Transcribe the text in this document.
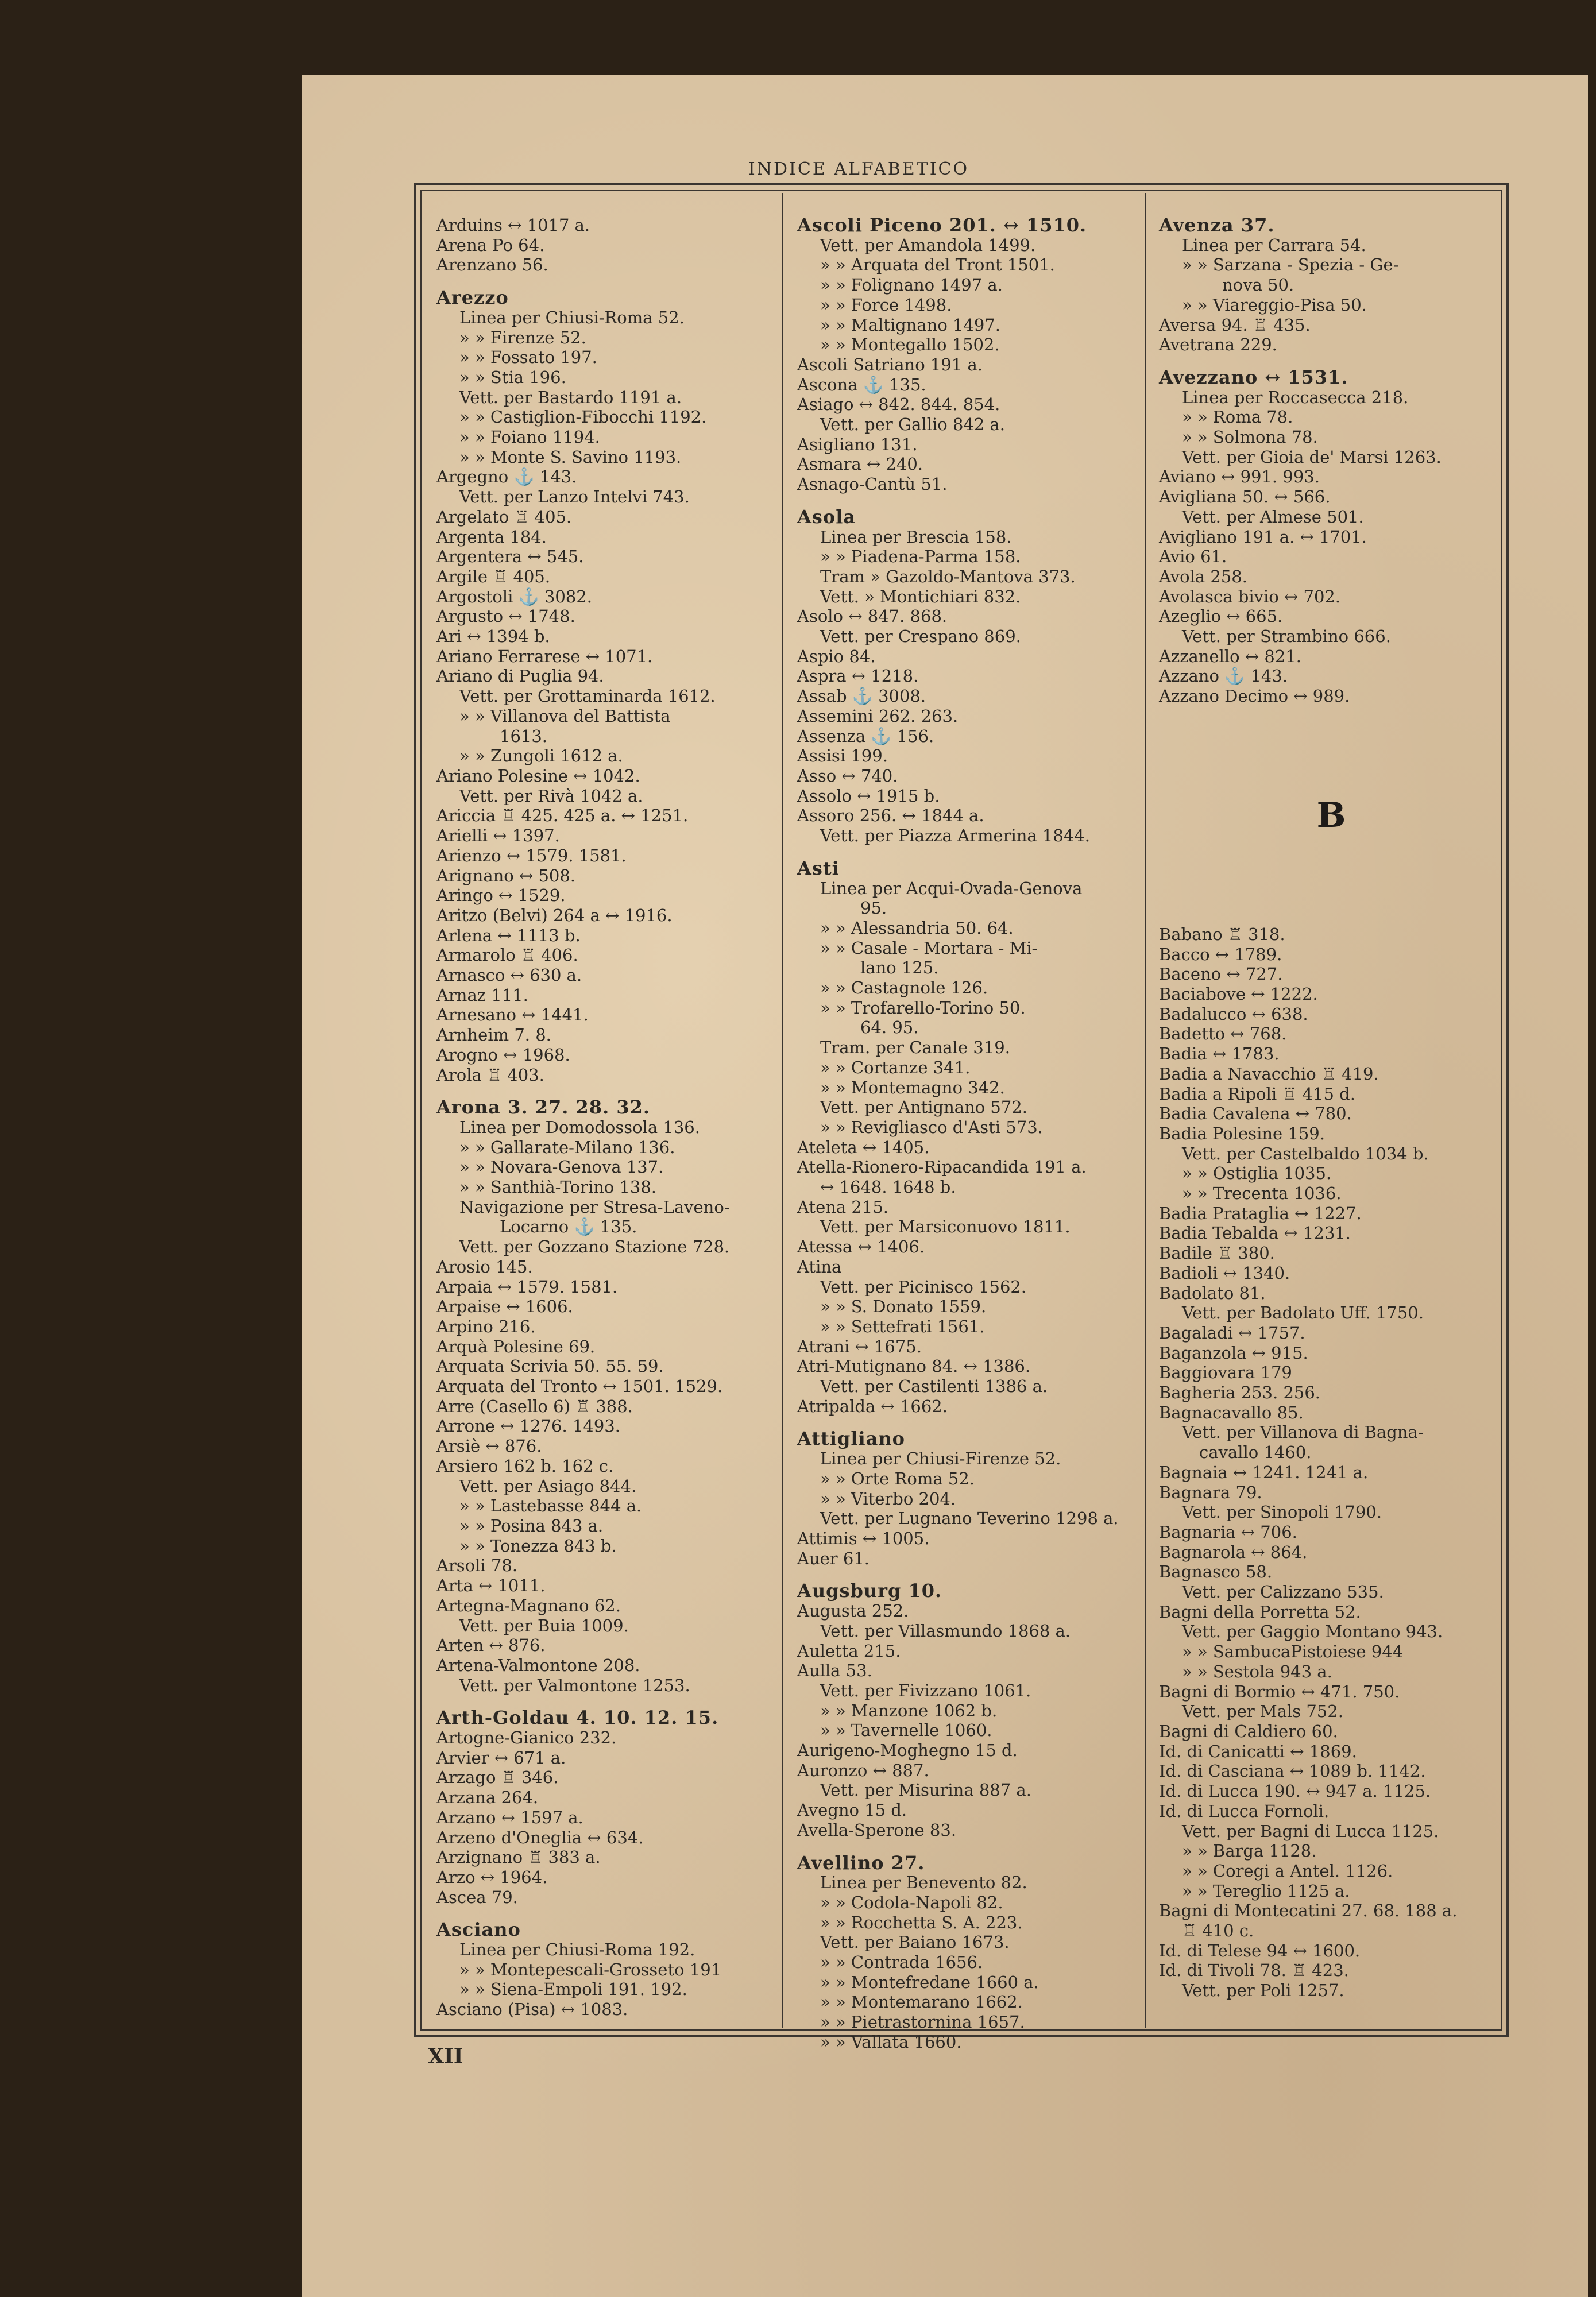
INDICE ALFABETICO
Arduins ↔ 1017 a.
Arena Po 64.
Arenzano 56.
Arezzo
Linea per Chiusi-Roma 52.
» » Firenze 52.
» » Fossato 197.
» » Stia 196.
Vett. per Bastardo 1191 a.
» » Castiglion-Fibocchi 1192.
» » Foiano 1194.
» » Monte S. Savino 1193.
Argegno ⚓ 143.
Vett. per Lanzo Intelvi 743.
Argelato ♖ 405.
Argenta 184.
Argentera ↔ 545.
Argile ♖ 405.
Argostoli ⚓ 3082.
Argusto ↔ 1748.
Ari ↔ 1394 b.
Ariano Ferrarese ↔ 1071.
Ariano di Puglia 94.
Vett. per Grottaminarda 1612.
» » Villanova del Battista
1613.
» » Zungoli 1612 a.
Ariano Polesine ↔ 1042.
Vett. per Rivà 1042 a.
Ariccia ♖ 425. 425 a. ↔ 1251.
Arielli ↔ 1397.
Arienzo ↔ 1579. 1581.
Arignano ↔ 508.
Aringo ↔ 1529.
Aritzo (Belvi) 264 a ↔ 1916.
Arlena ↔ 1113 b.
Armarolo ♖ 406.
Arnasco ↔ 630 a.
Arnaz 111.
Arnesano ↔ 1441.
Arnheim 7. 8.
Arogno ↔ 1968.
Arola ♖ 403.
Arona 3. 27. 28. 32.
Linea per Domodossola 136.
» » Gallarate-Milano 136.
» » Novara-Genova 137.
» » Santhià-Torino 138.
Navigazione per Stresa-Laveno-
Locarno ⚓ 135.
Vett. per Gozzano Stazione 728.
Arosio 145.
Arpaia ↔ 1579. 1581.
Arpaise ↔ 1606.
Arpino 216.
Arquà Polesine 69.
Arquata Scrivia 50. 55. 59.
Arquata del Tronto ↔ 1501. 1529.
Arre (Casello 6) ♖ 388.
Arrone ↔ 1276. 1493.
Arsiè ↔ 876.
Arsiero 162 b. 162 c.
Vett. per Asiago 844.
» » Lastebasse 844 a.
» » Posina 843 a.
» » Tonezza 843 b.
Arsoli 78.
Arta ↔ 1011.
Artegna-Magnano 62.
Vett. per Buia 1009.
Arten ↔ 876.
Artena-Valmontone 208.
Vett. per Valmontone 1253.
Arth-Goldau 4. 10. 12. 15.
Artogne-Gianico 232.
Arvier ↔ 671 a.
Arzago ♖ 346.
Arzana 264.
Arzano ↔ 1597 a.
Arzeno d'Oneglia ↔ 634.
Arzignano ♖ 383 a.
Arzo ↔ 1964.
Ascea 79.
Asciano
Linea per Chiusi-Roma 192.
» » Montepescali-Grosseto 191
» » Siena-Empoli 191. 192.
Asciano (Pisa) ↔ 1083.
Ascoli Piceno 201. ↔ 1510.
Vett. per Amandola 1499.
» » Arquata del Tront 1501.
» » Folignano 1497 a.
» » Force 1498.
» » Maltignano 1497.
» » Montegallo 1502.
Ascoli Satriano 191 a.
Ascona ⚓ 135.
Asiago ↔ 842. 844. 854.
Vett. per Gallio 842 a.
Asigliano 131.
Asmara ↔ 240.
Asnago-Cantù 51.
Asola
Linea per Brescia 158.
» » Piadena-Parma 158.
Tram » Gazoldo-Mantova 373.
Vett. » Montichiari 832.
Asolo ↔ 847. 868.
Vett. per Crespano 869.
Aspio 84.
Aspra ↔ 1218.
Assab ⚓ 3008.
Assemini 262. 263.
Assenza ⚓ 156.
Assisi 199.
Asso ↔ 740.
Assolo ↔ 1915 b.
Assoro 256. ↔ 1844 a.
Vett. per Piazza Armerina 1844.
Asti
Linea per Acqui-Ovada-Genova
95.
» » Alessandria 50. 64.
» » Casale - Mortara - Mi-
lano 125.
» » Castagnole 126.
» » Trofarello-Torino 50.
64. 95.
Tram. per Canale 319.
» » Cortanze 341.
» » Montemagno 342.
Vett. per Antignano 572.
» » Revigliasco d'Asti 573.
Ateleta ↔ 1405.
Atella-Rionero-Ripacandida 191 a.
↔ 1648. 1648 b.
Atena 215.
Vett. per Marsiconuovo 1811.
Atessa ↔ 1406.
Atina
Vett. per Picinisco 1562.
» » S. Donato 1559.
» » Settefrati 1561.
Atrani ↔ 1675.
Atri-Mutignano 84. ↔ 1386.
Vett. per Castilenti 1386 a.
Atripalda ↔ 1662.
Attigliano
Linea per Chiusi-Firenze 52.
» » Orte Roma 52.
» » Viterbo 204.
Vett. per Lugnano Teverino 1298 a.
Attimis ↔ 1005.
Auer 61.
Augsburg 10.
Augusta 252.
Vett. per Villasmundo 1868 a.
Auletta 215.
Aulla 53.
Vett. per Fivizzano 1061.
» » Manzone 1062 b.
» » Tavernelle 1060.
Aurigeno-Moghegno 15 d.
Auronzo ↔ 887.
Vett. per Misurina 887 a.
Avegno 15 d.
Avella-Sperone 83.
Avellino 27.
Linea per Benevento 82.
» » Codola-Napoli 82.
» » Rocchetta S. A. 223.
Vett. per Baiano 1673.
» » Contrada 1656.
» » Montefredane 1660 a.
» » Montemarano 1662.
» » Pietrastornina 1657.
» » Vallata 1660.
Avenza 37.
Linea per Carrara 54.
» » Sarzana - Spezia - Ge-
nova 50.
» » Viareggio-Pisa 50.
Aversa 94. ♖ 435.
Avetrana 229.
Avezzano ↔ 1531.
Linea per Roccasecca 218.
» » Roma 78.
» » Solmona 78.
Vett. per Gioia de' Marsi 1263.
Aviano ↔ 991. 993.
Avigliana 50. ↔ 566.
Vett. per Almese 501.
Avigliano 191 a. ↔ 1701.
Avio 61.
Avola 258.
Avolasca bivio ↔ 702.
Azeglio ↔ 665.
Vett. per Strambino 666.
Azzanello ↔ 821.
Azzano ⚓ 143.
Azzano Decimo ↔ 989.
B
Babano ♖ 318.
Bacco ↔ 1789.
Baceno ↔ 727.
Baciabove ↔ 1222.
Badalucco ↔ 638.
Badetto ↔ 768.
Badia ↔ 1783.
Badia a Navacchio ♖ 419.
Badia a Ripoli ♖ 415 d.
Badia Cavalena ↔ 780.
Badia Polesine 159.
Vett. per Castelbaldo 1034 b.
» » Ostiglia 1035.
» » Trecenta 1036.
Badia Prataglia ↔ 1227.
Badia Tebalda ↔ 1231.
Badile ♖ 380.
Badioli ↔ 1340.
Badolato 81.
Vett. per Badolato Uff. 1750.
Bagaladi ↔ 1757.
Baganzola ↔ 915.
Baggiovara 179
Bagheria 253. 256.
Bagnacavallo 85.
Vett. per Villanova di Bagna-
cavallo 1460.
Bagnaia ↔ 1241. 1241 a.
Bagnara 79.
Vett. per Sinopoli 1790.
Bagnaria ↔ 706.
Bagnarola ↔ 864.
Bagnasco 58.
Vett. per Calizzano 535.
Bagni della Porretta 52.
Vett. per Gaggio Montano 943.
» » SambucaPistoiese 944
» » Sestola 943 a.
Bagni di Bormio ↔ 471. 750.
Vett. per Mals 752.
Bagni di Caldiero 60.
Id. di Canicatti ↔ 1869.
Id. di Casciana ↔ 1089 b. 1142.
Id. di Lucca 190. ↔ 947 a. 1125.
Id. di Lucca Fornoli.
Vett. per Bagni di Lucca 1125.
» » Barga 1128.
» » Coregi a Antel. 1126.
» » Tereglio 1125 a.
Bagni di Montecatini 27. 68. 188 a.
♖ 410 c.
Id. di Telese 94 ↔ 1600.
Id. di Tivoli 78. ♖ 423.
Vett. per Poli 1257.
XII
